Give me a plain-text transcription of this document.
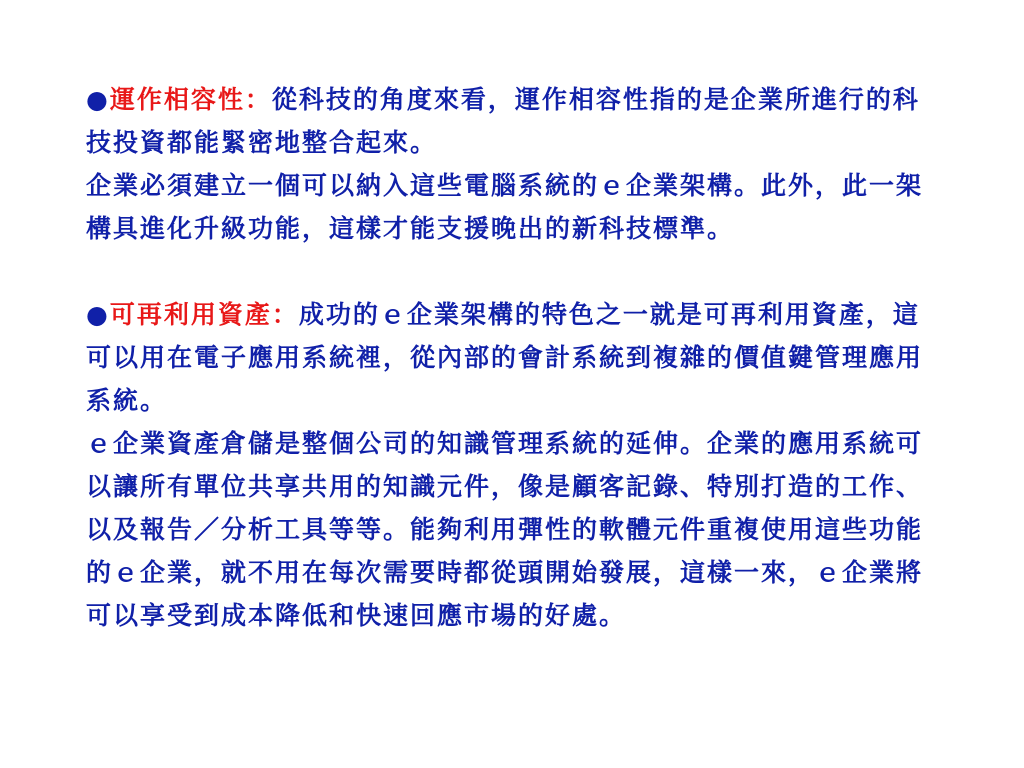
●運作相容性：從科技的角度來看，運作相容性指的是企業所進行的科技投資都能緊密地整合起來。

企業必須建立一個可以納入這些電腦系統的ｅ企業架構。此外，此一架構具進化升級功能，這樣才能支援晚出的新科技標準。

●可再利用資產：成功的ｅ企業架構的特色之一就是可再利用資產，這可以用在電子應用系統裡，從內部的會計系統到複雜的價值鍵管理應用系統。

ｅ企業資產倉儲是整個公司的知識管理系統的延伸。企業的應用系統可以讓所有單位共享共用的知識元件，像是顧客記錄、特別打造的工作、以及報告／分析工具等等。能夠利用彈性的軟體元件重複使用這些功能的ｅ企業，就不用在每次需要時都從頭開始發展，這樣一來，ｅ企業將可以享受到成本降低和快速回應市場的好處。
